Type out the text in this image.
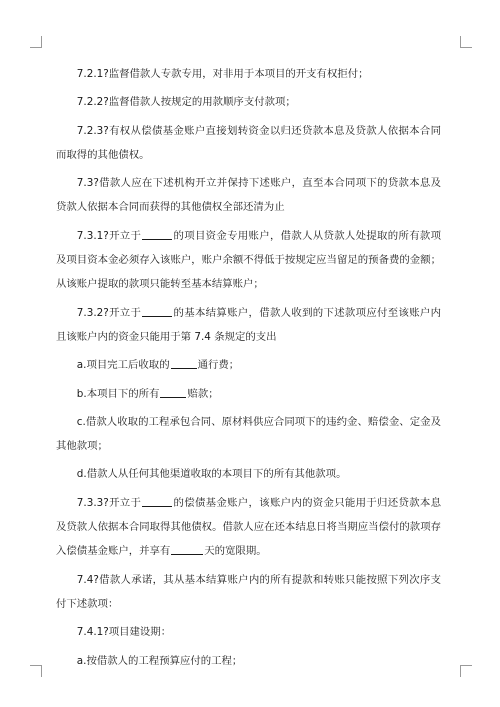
7.2.1?监督借款人专款专用，对非用于本项目的开支有权拒付；

7.2.2?监督借款人按规定的用款顺序支付款项；

7.2.3?有权从偿债基金账户直接划转资金以归还贷款本息及贷款人依据本合同而取得的其他债权。

7.3?借款人应在下述机构开立并保持下述账户，直至本合同项下的贷款本息及贷款人依据本合同而获得的其他债权全部还清为止

7.3.1?开立于	的项目资金专用账户，借款人从贷款人处提取的所有款项及项目资本金必须存入该账户，账户余额不得低于按规定应当留足的预备费的金额；从该账户提取的款项只能转至基本结算账户；

7.3.2?开立于	的基本结算账户，借款人收到的下述款项应付至该账户内且该账户内的资金只能用于第 7.4 条规定的支出

a.项目完工后收取的	通行费；

b.本项目下的所有	赔款；

c.借款人收取的工程承包合同、原材料供应合同项下的违约金、赔偿金、定金及其他款项；

d.借款人从任何其他渠道收取的本项目下的所有其他款项。

7.3.3?开立于	的偿债基金账户，该账户内的资金只能用于归还贷款本息及贷款人依据本合同取得其他债权。借款人应在还本结息日将当期应当偿付的款项存入偿债基金账户，并享有	天的宽限期。

7.4?借款人承诺，其从基本结算账户内的所有提款和转账只能按照下列次序支付下述款项：

7.4.1?项目建设期：

a.按借款人的工程预算应付的工程；
